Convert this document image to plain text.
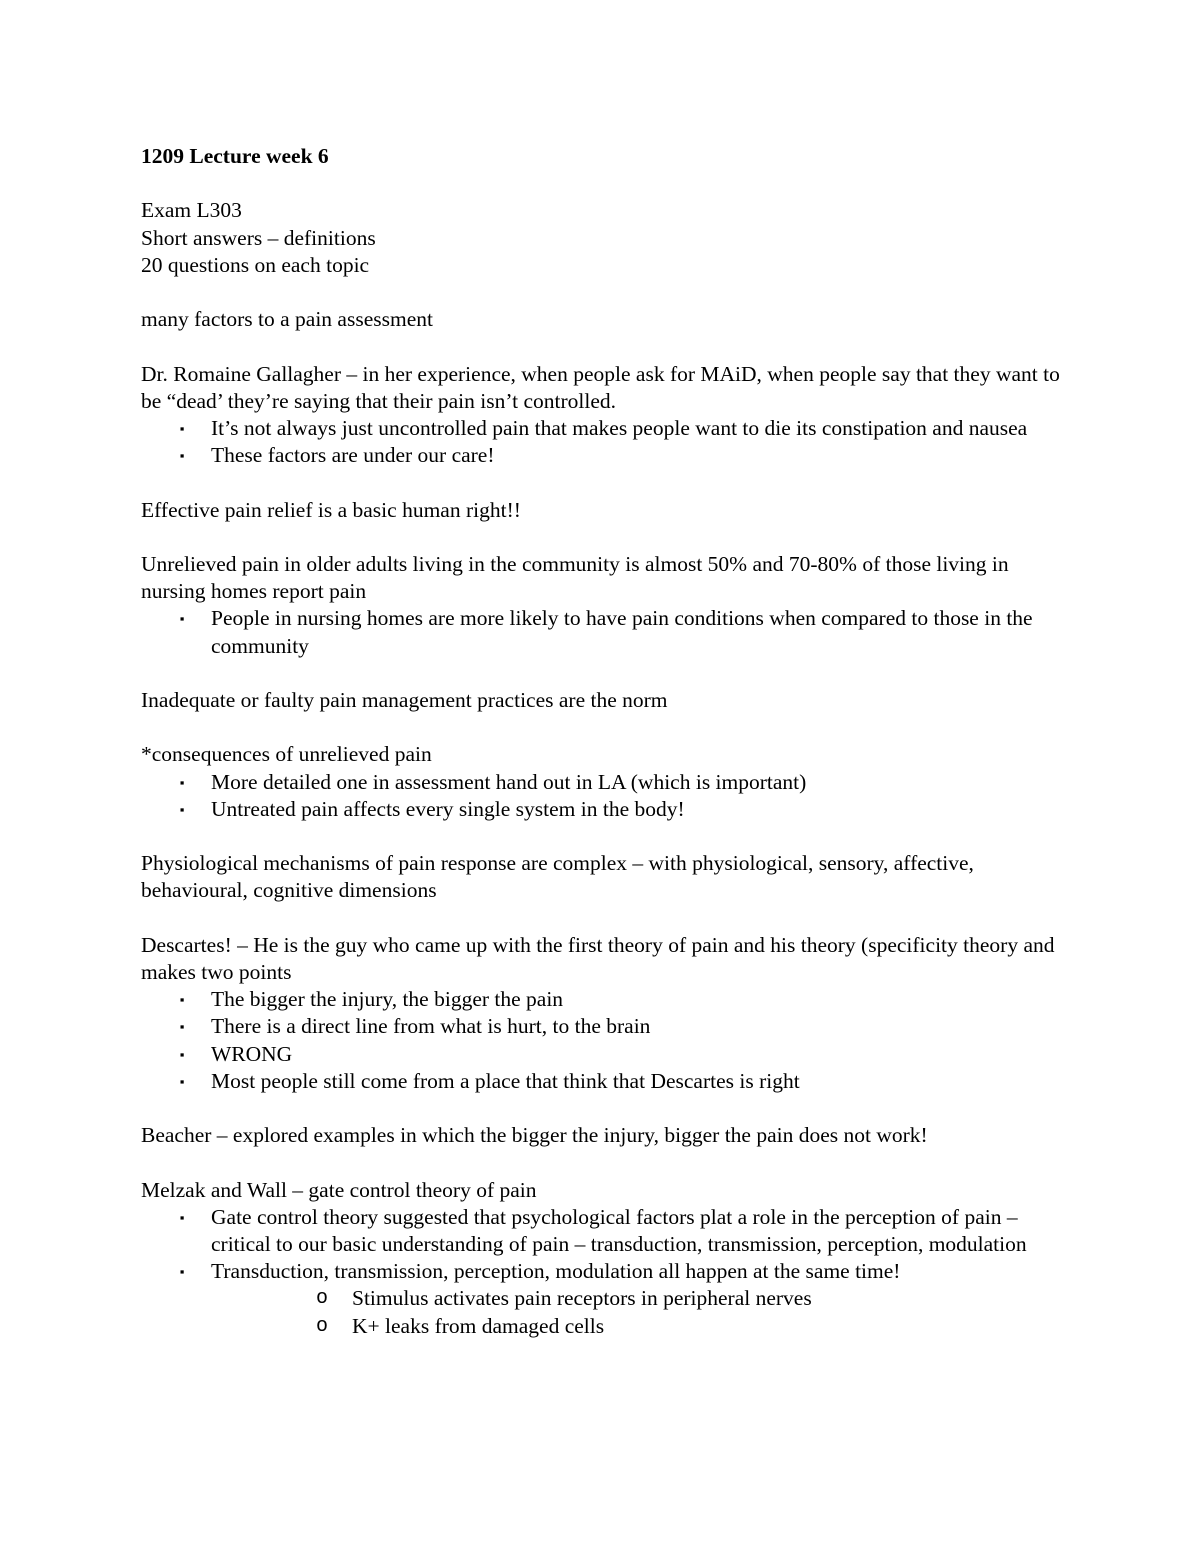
1209 Lecture week 6

Exam L303

Short answers – definitions

20 questions on each topic

many factors to a pain assessment

Dr. Romaine Gallagher – in her experience, when people ask for MAiD, when people say that they want to be “dead’ they’re saying that their pain isn’t controlled.

▪ It’s not always just uncontrolled pain that makes people want to die its constipation and nausea
▪ These factors are under our care!

Effective pain relief is a basic human right!!

Unrelieved pain in older adults living in the community is almost 50% and 70-80% of those living in nursing homes report pain

▪ People in nursing homes are more likely to have pain conditions when compared to those in the community

Inadequate or faulty pain management practices are the norm

*consequences of unrelieved pain

▪ More detailed one in assessment hand out in LA (which is important)
▪ Untreated pain affects every single system in the body!

Physiological mechanisms of pain response are complex – with physiological, sensory, affective, behavioural, cognitive dimensions

Descartes! – He is the guy who came up with the first theory of pain and his theory (specificity theory and makes two points

▪ The bigger the injury, the bigger the pain
▪ There is a direct line from what is hurt, to the brain
▪ WRONG
▪ Most people still come from a place that think that Descartes is right

Beacher – explored examples in which the bigger the injury, bigger the pain does not work!

Melzak and Wall – gate control theory of pain

▪ Gate control theory suggested that psychological factors plat a role in the perception of pain – critical to our basic understanding of pain – transduction, transmission, perception, modulation
▪ Transduction, transmission, perception, modulation all happen at the same time!
o Stimulus activates pain receptors in peripheral nerves
o K+ leaks from damaged cells
